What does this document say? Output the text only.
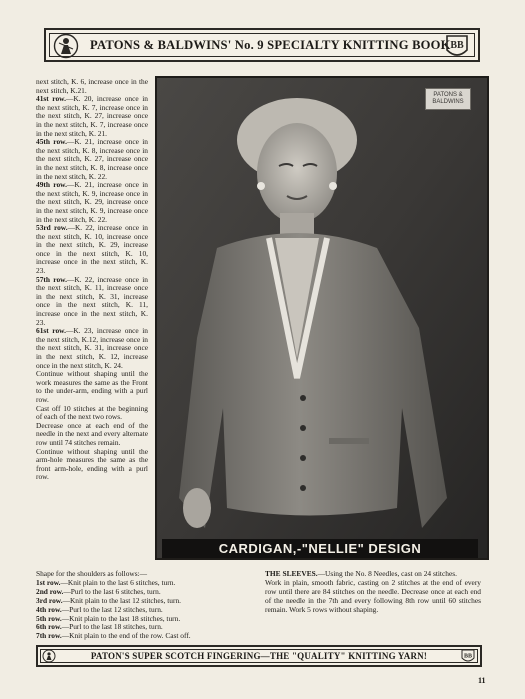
PATONS & BALDWINS' No. 9 SPECIALTY KNITTING BOOK BB

next stitch, K. 6, increase once in the next stitch, K.21.

41st row.—K. 20, increase once in the next stitch, K. 7, increase once in the next stitch, K. 27, increase once in the next stitch, K. 7, increase once in the next stitch, K. 21.

45th row.—K. 21, increase once in the next stitch, K. 8, increase once in the next stitch, K. 27, increase once in the next stitch, K. 8, increase once in the next stitch, K. 22.

49th row.—K. 21, increase once in the next stitch, K. 9, increase once in the next stitch, K. 29, increase once in the next stitch, K. 9, increase once in the next stitch, K. 22.

53rd row.—K. 22, increase once in the next stitch, K. 10, increase once in the next stitch, K. 29, increase once in the next stitch, K. 10, increase once in the next stitch, K. 23.

57th row.—K. 22, increase once in the next stitch, K. 11, increase once in the next stitch, K. 31, increase once in the next stitch, K. 11, increase once in the next stitch, K. 23.

61st row.—K. 23, increase once in the next stitch, K.12, increase once in the next stitch, K. 31, increase once in the next stitch, K. 12, increase once in the next stitch, K. 24.

Continue without shaping until the work measures the same as the Front to the under-arm, ending with a purl row.

Cast off 10 stitches at the beginning of each of the next two rows.

Decrease once at each end of the needle in the next and every alternate row until 74 stitches remain.

Continue without shaping until the arm-hole measures the same as the front arm-hole, ending with a purl row.

PATONS &
BALDWINS
CARDIGAN,-"NELLIE" DESIGN

Shape for the shoulders as follows:—

1st row.—Knit plain to the last 6 stitches, turn.

2nd row.—Purl to the last 6 stitches, turn.

3rd row.—Knit plain to the last 12 stitches, turn.

4th row.—Purl to the last 12 stitches, turn.

5th row.—Knit plain to the last 18 stitches, turn.

6th row.—Purl to the last 18 stitches, turn.

7th row.—Knit plain to the end of the row. Cast off.

THE SLEEVES.—Using the No. 8 Needles, cast on 24 stitches.

Work in plain, smooth fabric, casting on 2 stitches at the end of every row until there are 84 stitches on the needle. Decrease once at each end of the needle in the 7th and every following 8th row until 60 stitches remain. Work 5 rows without shaping.

PATON'S SUPER SCOTCH FINGERING—THE "QUALITY" KNITTING YARN!	BB
11
